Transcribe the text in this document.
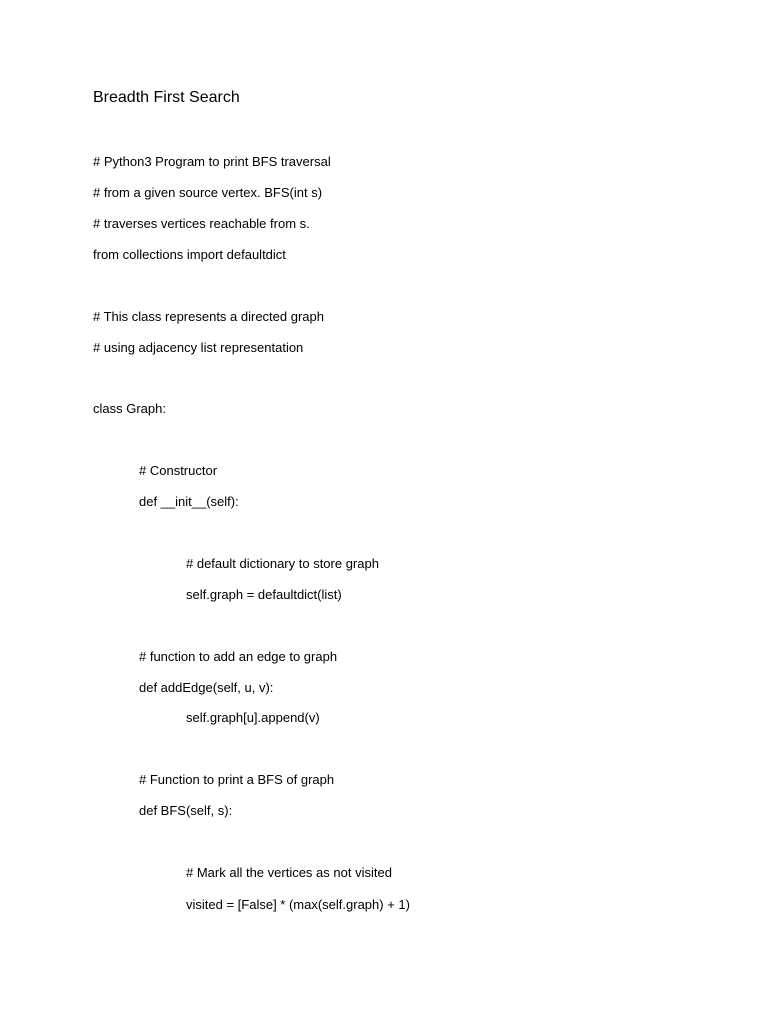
Breadth First Search
# Python3 Program to print BFS traversal
# from a given source vertex. BFS(int s)
# traverses vertices reachable from s.
from collections import defaultdict
# This class represents a directed graph
# using adjacency list representation
class Graph:
# Constructor
def __init__(self):
# default dictionary to store graph
self.graph = defaultdict(list)
# function to add an edge to graph
def addEdge(self, u, v):
self.graph[u].append(v)
# Function to print a BFS of graph
def BFS(self, s):
# Mark all the vertices as not visited
visited = [False] * (max(self.graph) + 1)
